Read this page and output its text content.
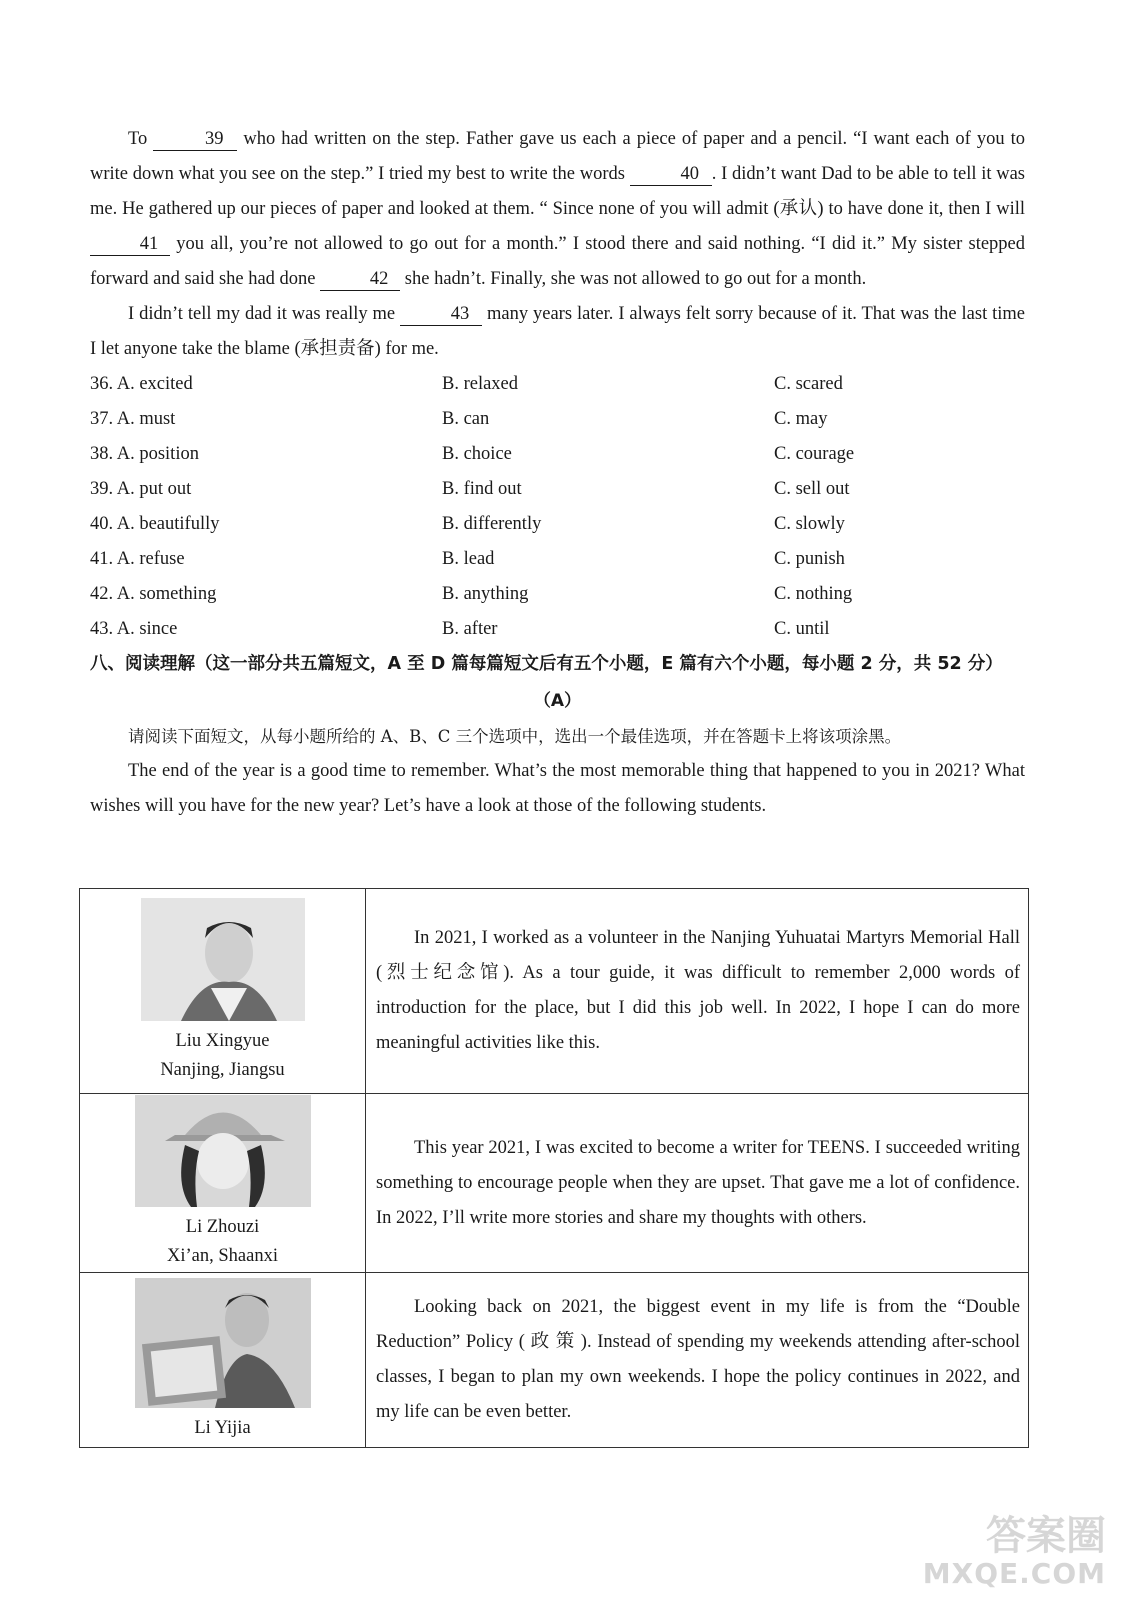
To	39 who had written on the step. Father gave us each a piece of paper and a pencil. “I want each of you to write down what you see on the step.” I tried my best to write the words	40 . I didn’t want Dad to be able to tell it was me. He gathered up our pieces of paper and looked at them. “ Since none of you will admit (承认) to have done it, then I will 41 you all, you’re not allowed to go out for a month.” I stood there and said nothing. “I did it.” My sister stepped forward and said she had done	42 she hadn’t. Finally, she was not allowed to go out for a month.

I didn’t tell my dad it was really me	43 many years later. I always felt sorry because of it. That was the last time I let anyone take the blame (承担责备) for me.

36. A. excited	B. relaxed	C. scared
37. A. must	B. can	C. may
38. A. position	B. choice	C. courage
39. A. put out	B. find out	C. sell out
40. A. beautifully	B. differently	C. slowly
41. A. refuse	B. lead	C. punish
42. A. something	B. anything	C. nothing
43. A. since	B. after	C. until

八、阅读理解（这一部分共五篇短文，A 至 D 篇每篇短文后有五个小题，E 篇有六个小题，每小题 2 分，共 52 分）

（A）

请阅读下面短文，从每小题所给的 A、B、C 三个选项中，选出一个最佳选项，并在答题卡上将该项涂黑。

The end of the year is a good time to remember. What’s the most memorable thing that happened to you in 2021? What wishes will you have for the new year? Let’s have a look at those of the following students.

Liu Xingyue
Nanjing, Jiangsu	In 2021, I worked as a volunteer in the Nanjing Yuhuatai Martyrs Memorial Hall (烈士纪念馆). As a tour guide, it was difficult to remember 2,000 words of introduction for the place, but I did this job well. In 2022, I hope I can do more meaningful activities like this.

Li Zhouzi
Xi’an, Shaanxi	This year 2021, I was excited to become a writer for TEENS. I succeeded writing something to encourage people when they are upset. That gave me a lot of confidence. In 2022, I’ll write more stories and share my thoughts with others.

Li Yijia	Looking back on 2021, the biggest event in my life is from the “Double Reduction” Policy ( 政 策 ). Instead of spending my weekends attending after-school classes, I began to plan my own weekends. I hope the policy continues in 2022, and my life can be even better.

答案圈
MXQE.COM
